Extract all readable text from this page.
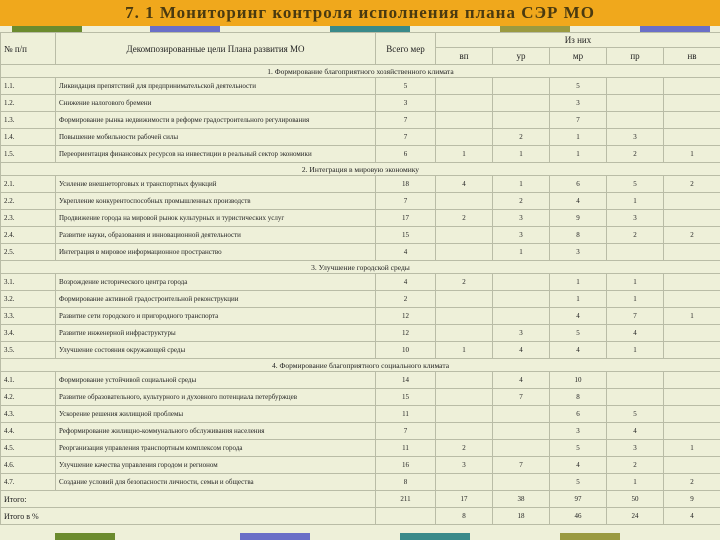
7. 1 Мониторинг контроля исполнения плана СЭР МО
№ п/п	Декомпозированные цели Плана развития МО	Всего мер	Из них				
			вп	ур	мр	пр	нв
1. Формирование благоприятного хозяйственного климата							
1.1.	Ликвидация препятствий для предпринимательской деятельности	5			5		
1.2.	Снижение налогового бремени	3			3		
1.3.	Формирование рынка недвижимости в реформе градостроительного регулирования	7			7		
1.4.	Повышение мобильности рабочей силы	7		2	1	3	
1.5.	Переориентация финансовых ресурсов на инвестиции в реальный сектор экономики	6	1	1	1	2	1
2. Интеграция в мировую экономику							
2.1.	Усиление внешнеторговых и транспортных функций	18	4	1	6	5	2
2.2.	Укрепление конкурентоспособных промышленных производств	7		2	4	1	
2.3.	Продвижение города на мировой рынок культурных и туристических услуг	17	2	3	9	3	
2.4.	Развитие науки, образования и инновационной деятельности	15		3	8	2	2
2.5.	Интеграция в мировое информационное пространство	4		1	3		
3. Улучшение городской среды							
3.1.	Возрождение исторического центра города	4	2		1	1	
3.2.	Формирование активной градостроительной реконструкции	2			1	1	
3.3.	Развитие сети городского и пригородного транспорта	12			4	7	1
3.4.	Развитие инженерной инфраструктуры	12		3	5	4	
3.5.	Улучшение состояния окружающей среды	10	1	4	4	1	
4. Формирование благоприятного социального климата							
4.1.	Формирование устойчивой социальной среды	14		4	10		
4.2.	Развитие образовательного, культурного и духовного потенциала петербуржцев	15		7	8		
4.3.	Ускорение решения жилищной проблемы	11			6	5	
4.4.	Реформирование жилищно-коммунального обслуживания населения	7			3	4	
4.5.	Реорганизация управления транспортным комплексом города	11	2		5	3	1
4.6.	Улучшение качества управления городом и регионом	16	3	7	4	2	
4.7.	Создание условий для безопасности личности, семьи и общества	8			5	1	2
Итого:		211	17	38	97	50	9
Итого в %			8	18	46	24	4
